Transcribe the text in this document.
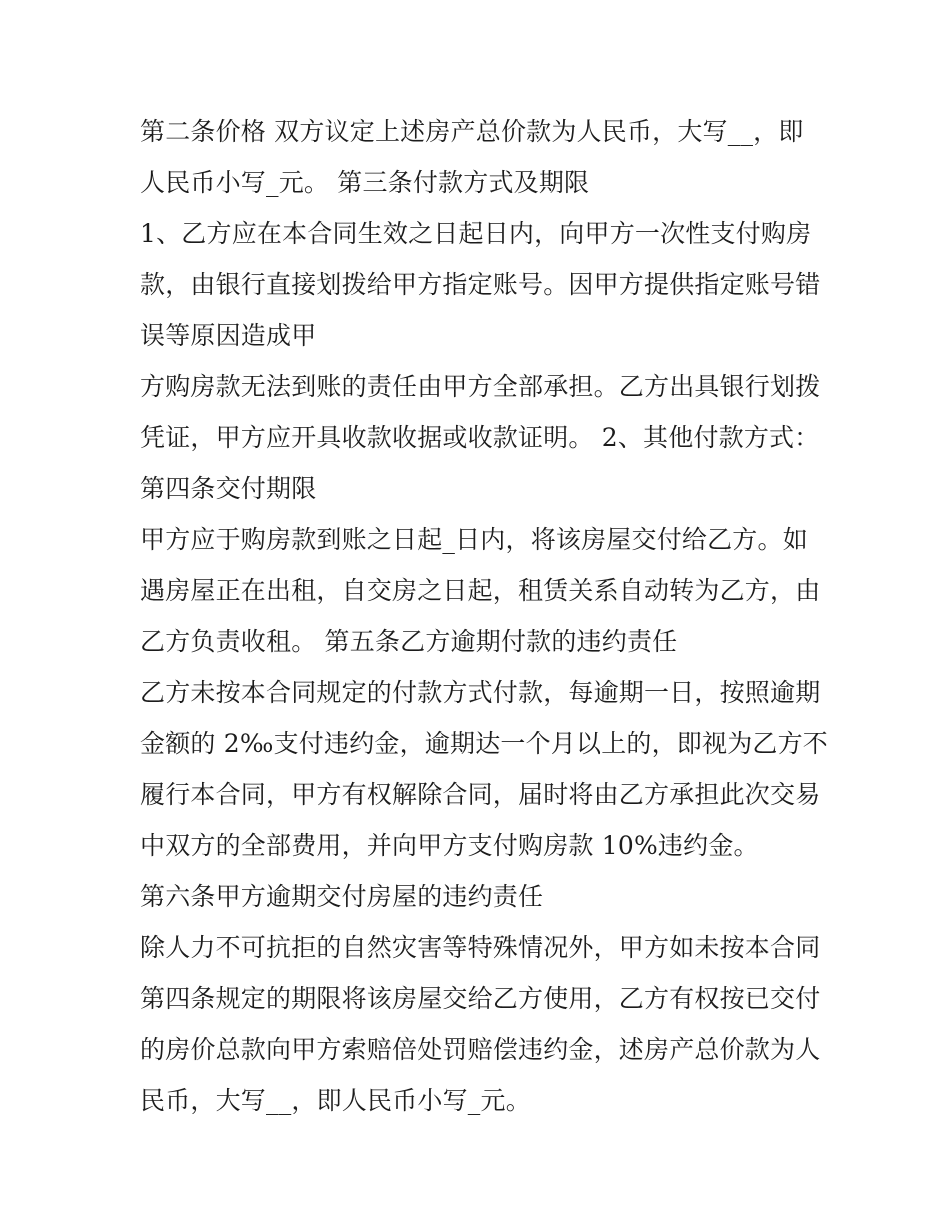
第二条价格 双方议定上述房产总价款为人民币，大写__，即
人民币小写_元。 第三条付款方式及期限
1、乙方应在本合同生效之日起日内，向甲方一次性支付购房
款，由银行直接划拨给甲方指定账号。因甲方提供指定账号错
误等原因造成甲
方购房款无法到账的责任由甲方全部承担。乙方出具银行划拨
凭证，甲方应开具收款收据或收款证明。 2、其他付款方式：
第四条交付期限
甲方应于购房款到账之日起_日内，将该房屋交付给乙方。如
遇房屋正在出租，自交房之日起，租赁关系自动转为乙方，由
乙方负责收租。 第五条乙方逾期付款的违约责任
乙方未按本合同规定的付款方式付款，每逾期一日，按照逾期
金额的 2‰支付违约金，逾期达一个月以上的，即视为乙方不
履行本合同，甲方有权解除合同，届时将由乙方承担此次交易
中双方的全部费用，并向甲方支付购房款 10%违约金。
第六条甲方逾期交付房屋的违约责任
除人力不可抗拒的自然灾害等特殊情况外，甲方如未按本合同
第四条规定的期限将该房屋交给乙方使用，乙方有权按已交付
的房价总款向甲方索赔倍处罚赔偿违约金，述房产总价款为人
民币，大写__，即人民币小写_元。
